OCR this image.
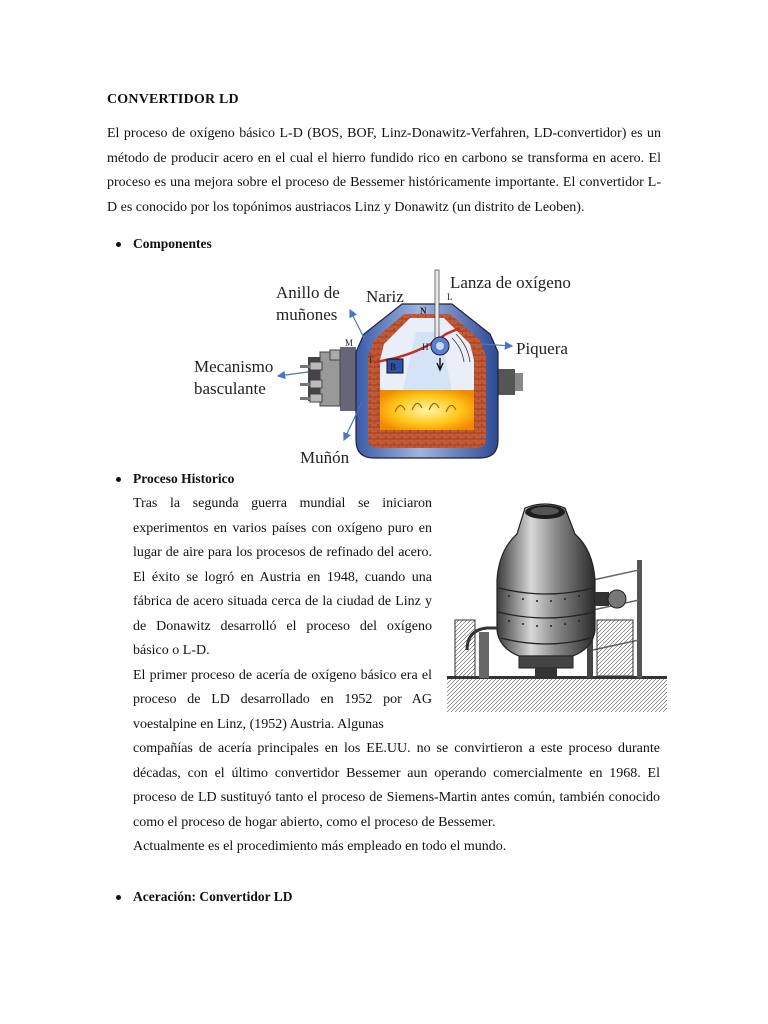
CONVERTIDOR LD

El proceso de oxígeno básico L-D (BOS, BOF, Linz-Donawitz-Verfahren, LD-convertidor) es un método de producir acero en el cual el hierro fundido rico en carbono se transforma en acero. El proceso es una mejora sobre el proceso de Bessemer históricamente importante. El convertidor L-D es conocido por los topónimos austriacos Linz y Donawitz (un distrito de Leoben).

Componentes
N
L
H
M
T
B
Anillo de
muñones
Nariz
Lanza de oxígeno
Piquera
Mecanismo
basculante
Muñón
Proceso Historico

Tras la segunda guerra mundial se iniciaron experimentos en varios países con oxígeno puro en lugar de aire para los procesos de refinado del acero. El éxito se logró en Austria en 1948, cuando una fábrica de acero situada cerca de la ciudad de Linz y de Donawitz desarrolló el proceso del oxígeno básico o L-D.

El primer proceso de acería de oxígeno básico era el proceso de LD desarrollado en 1952 por AG voestalpine en Linz, (1952) Austria. Algunas

compañías de acería principales en los EE.UU. no se convirtieron a este proceso durante décadas, con el último convertidor Bessemer aun operando comercialmente en 1968. El proceso de LD sustituyó tanto el proceso de Siemens-Martin antes común, también conocido como el proceso de hogar abierto, como el proceso de Bessemer.

Actualmente es el procedimiento más empleado en todo el mundo.

Aceración: Convertidor LD
